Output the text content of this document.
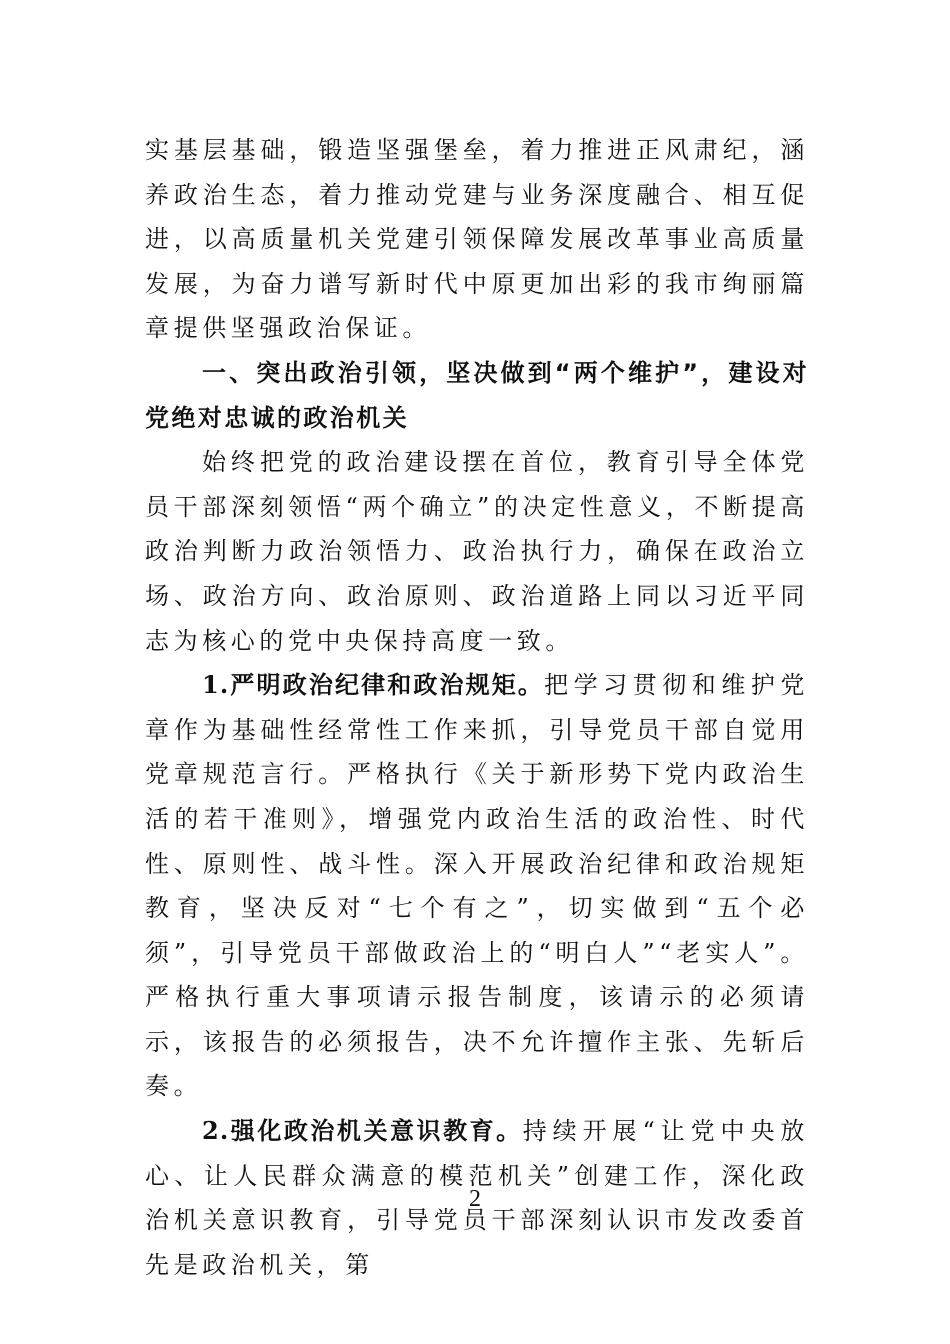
实基层基础，锻造坚强堡垒，着力推进正风肃纪，涵养政治生态，着力推动党建与业务深度融合、相互促进，以高质量机关党建引领保障发展改革事业高质量发展，为奋力谱写新时代中原更加出彩的我市绚丽篇章提供坚强政治保证。

一、突出政治引领，坚决做到“两个维护”，建设对党绝对忠诚的政治机关

始终把党的政治建设摆在首位，教育引导全体党员干部深刻领悟“两个确立”的决定性意义，不断提高政治判断力政治领悟力、政治执行力，确保在政治立场、政治方向、政治原则、政治道路上同以习近平同志为核心的党中央保持高度一致。

1.严明政治纪律和政治规矩。把学习贯彻和维护党章作为基础性经常性工作来抓，引导党员干部自觉用党章规范言行。严格执行《关于新形势下党内政治生活的若干准则》，增强党内政治生活的政治性、时代性、原则性、战斗性。深入开展政治纪律和政治规矩教育，坚决反对“七个有之”，切实做到“五个必须”，引导党员干部做政治上的“明白人”“老实人”。严格执行重大事项请示报告制度，该请示的必须请示，该报告的必须报告，决不允许擅作主张、先斩后奏。

2.强化政治机关意识教育。持续开展“让党中央放心、让人民群众满意的模范机关”创建工作，深化政治机关意识教育，引导党员干部深刻认识市发改委首先是政治机关，第

2
